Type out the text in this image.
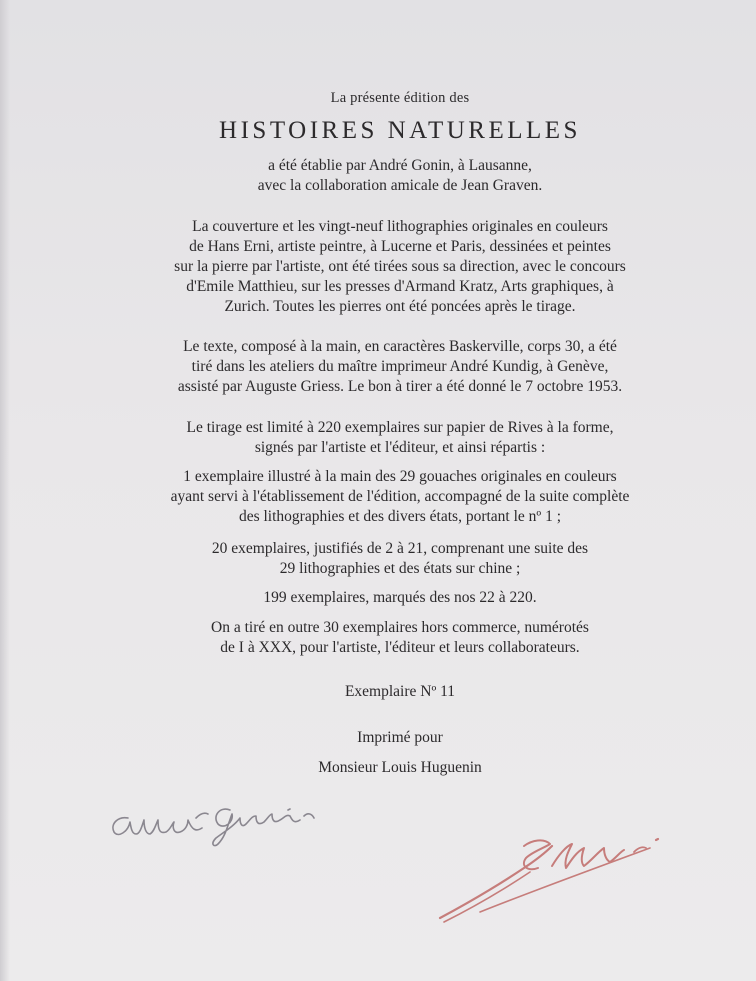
La présente édition des

HISTOIRES NATURELLES

a été établie par André Gonin, à Lausanne,
avec la collaboration amicale de Jean Graven.

La couverture et les vingt-neuf lithographies originales en couleurs
de Hans Erni, artiste peintre, à Lucerne et Paris, dessinées et peintes
sur la pierre par l'artiste, ont été tirées sous sa direction, avec le concours
d'Emile Matthieu, sur les presses d'Armand Kratz, Arts graphiques, à
Zurich. Toutes les pierres ont été poncées après le tirage.

Le texte, composé à la main, en caractères Baskerville, corps 30, a été
tiré dans les ateliers du maître imprimeur André Kundig, à Genève,
assisté par Auguste Griess. Le bon à tirer a été donné le 7 octobre 1953.

Le tirage est limité à 220 exemplaires sur papier de Rives à la forme,
signés par l'artiste et l'éditeur, et ainsi répartis :

1 exemplaire illustré à la main des 29 gouaches originales en couleurs
ayant servi à l'établissement de l'édition, accompagné de la suite complète
des lithographies et des divers états, portant le nº 1 ;

20 exemplaires, justifiés de 2 à 21, comprenant une suite des
29 lithographies et des états sur chine ;

199 exemplaires, marqués des nos 22 à 220.

On a tiré en outre 30 exemplaires hors commerce, numérotés
de I à XXX, pour l'artiste, l'éditeur et leurs collaborateurs.

Exemplaire Nº 11

Imprimé pour

Monsieur Louis Huguenin
